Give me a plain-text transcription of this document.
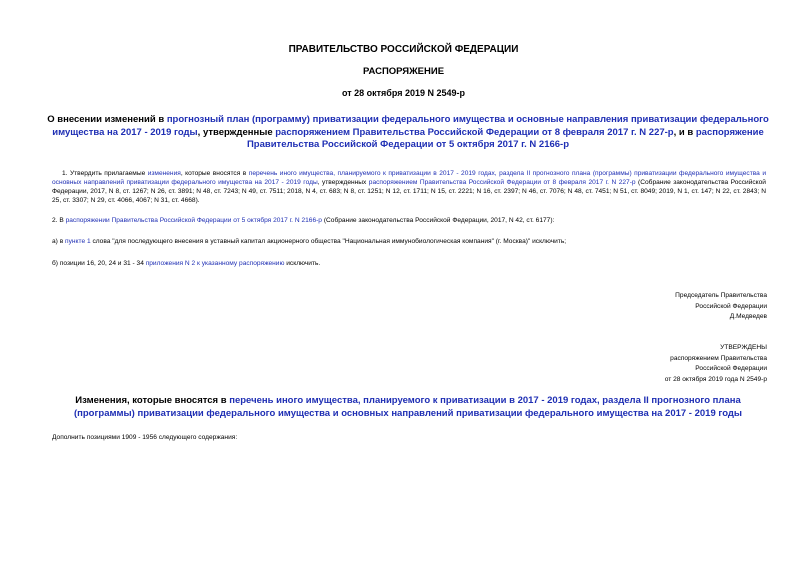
ПРАВИТЕЛЬСТВО РОССИЙСКОЙ ФЕДЕРАЦИИ
РАСПОРЯЖЕНИЕ
от 28 октября 2019 N 2549-р
О внесении изменений в прогнозный план (программу) приватизации федерального имущества и основные направления приватизации федерального имущества на 2017 - 2019 годы, утвержденные распоряжением Правительства Российской Федерации от 8 февраля 2017 г. N 227-р, и в распоряжение Правительства Российской Федерации от 5 октября 2017 г. N 2166-р
1. Утвердить прилагаемые изменения, которые вносятся в перечень иного имущества, планируемого к приватизации в 2017 - 2019 годах, раздела II прогнозного плана (программы) приватизации федерального имущества и основных направлений приватизации федерального имущества на 2017 - 2019 годы, утвержденных распоряжением Правительства Российской Федерации от 8 февраля 2017 г. N 227-р (Собрание законодательства Российской Федерации, 2017, N 8, ст. 1267; N 26, ст. 3891; N 48, ст. 7243; N 49, ст. 7511; 2018, N 4, ст. 683; N 8, ст. 1251; N 12, ст. 1711; N 15, ст. 2221; N 16, ст. 2397; N 46, ст. 7076; N 48, ст. 7451; N 51, ст. 8049; 2019, N 1, ст. 147; N 22, ст. 2843; N 25, ст. 3307; N 29, ст. 4066, 4067; N 31, ст. 4668).
2. В распоряжении Правительства Российской Федерации от 5 октября 2017 г. N 2166-р (Собрание законодательства Российской Федерации, 2017, N 42, ст. 6177):
а) в пункте 1 слова "для последующего внесения в уставный капитал акционерного общества "Национальная иммунобиологическая компания" (г. Москва)" исключить;
б) позиции 16, 20, 24 и 31 - 34 приложения N 2 к указанному распоряжению исключить.
Председатель Правительства
Российской Федерации
Д.Медведев
УТВЕРЖДЕНЫ
распоряжением Правительства
Российской Федерации
от 28 октября 2019 года N 2549-р
Изменения, которые вносятся в перечень иного имущества, планируемого к приватизации в 2017 - 2019 годах, раздела II прогнозного плана (программы) приватизации федерального имущества и основных направлений приватизации федерального имущества на 2017 - 2019 годы
Дополнить позициями 1909 - 1956 следующего содержания:
